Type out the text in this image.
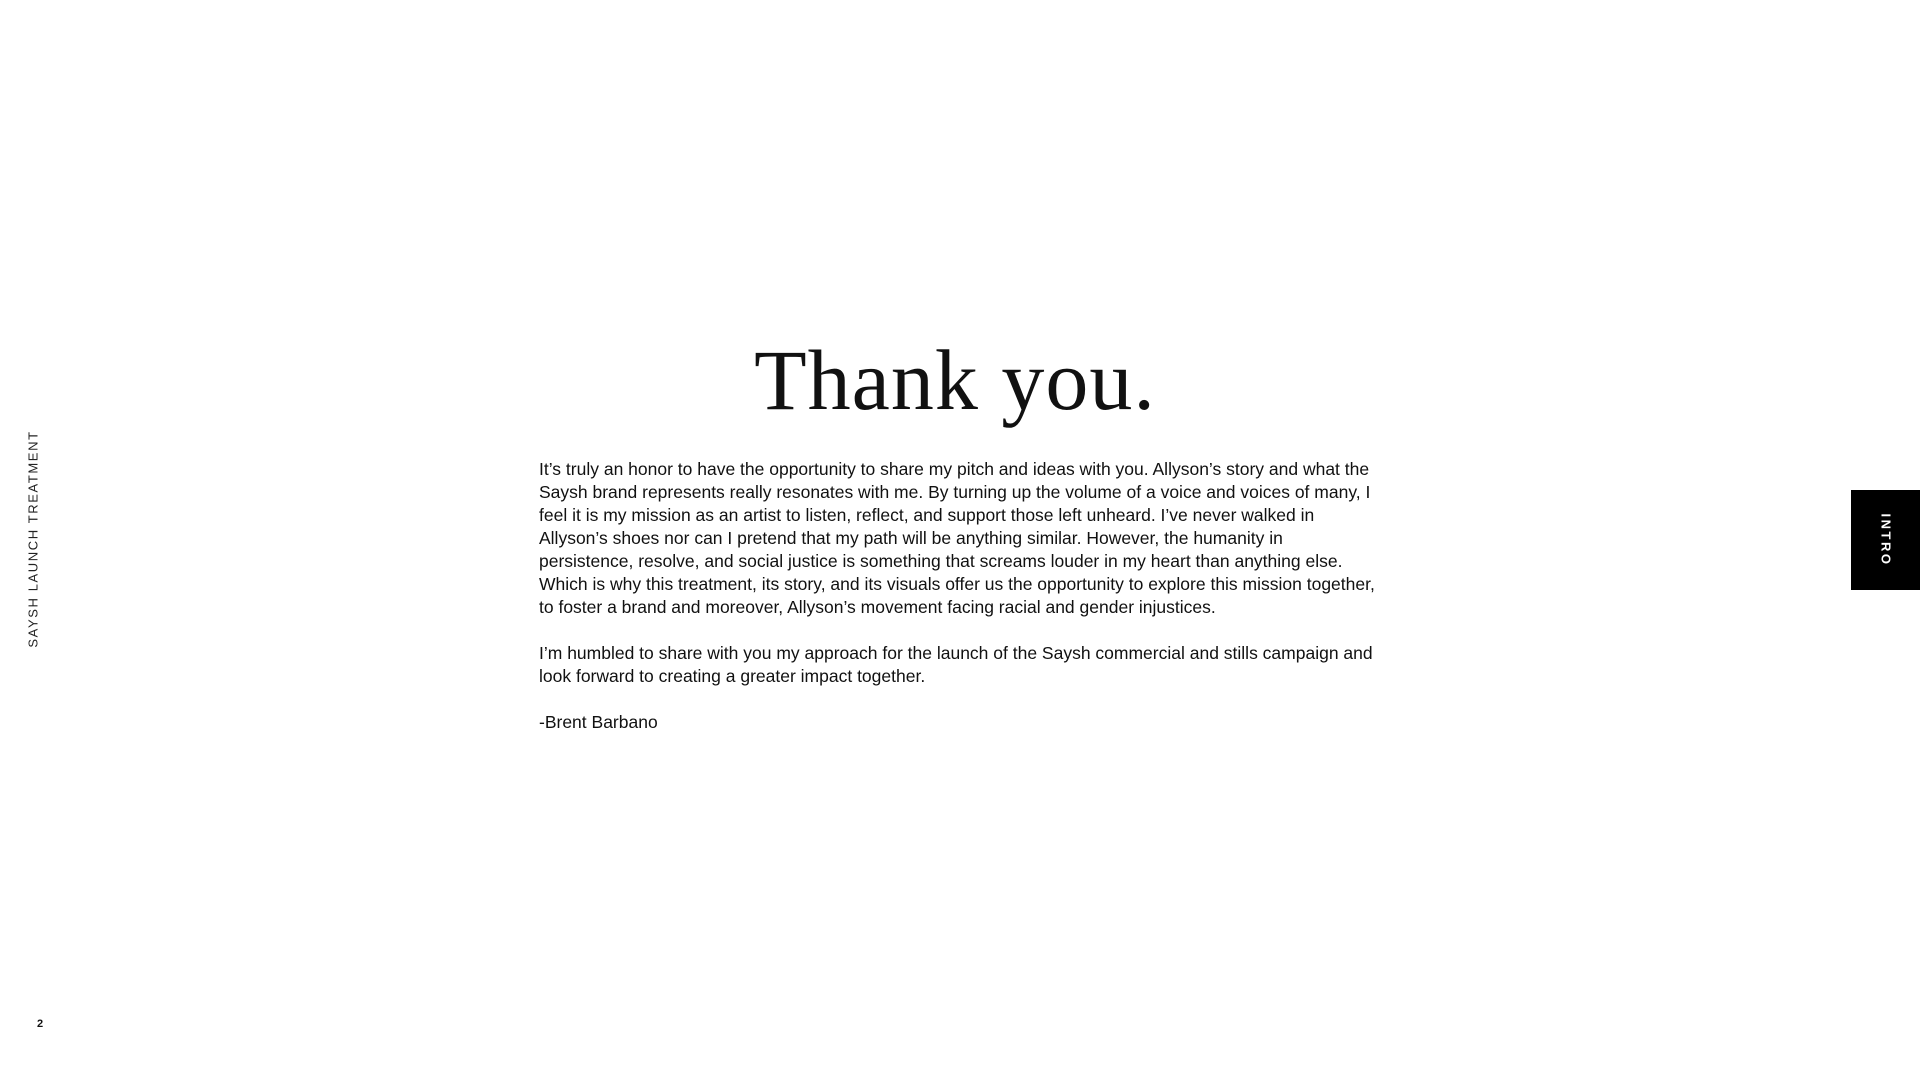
SAYSH LAUNCH TREATMENT	INTRO
Thank you.

It’s truly an honor to have the opportunity to share my pitch and ideas with you. Allyson’s story and what the Saysh brand represents really resonates with me. By turning up the volume of a voice and voices of many, I feel it is my mission as an artist to listen, reflect, and support those left unheard. I’ve never walked in Allyson’s shoes nor can I pretend that my path will be anything similar. However, the humanity in persistence, resolve, and social justice is something that screams louder in my heart than anything else. Which is why this treatment, its story, and its visuals offer us the opportunity to explore this mission together, to foster a brand and moreover, Allyson’s movement facing racial and gender injustices.

I’m humbled to share with you my approach for the launch of the Saysh commercial and stills campaign and look forward to creating a greater impact together.

-Brent Barbano

2
